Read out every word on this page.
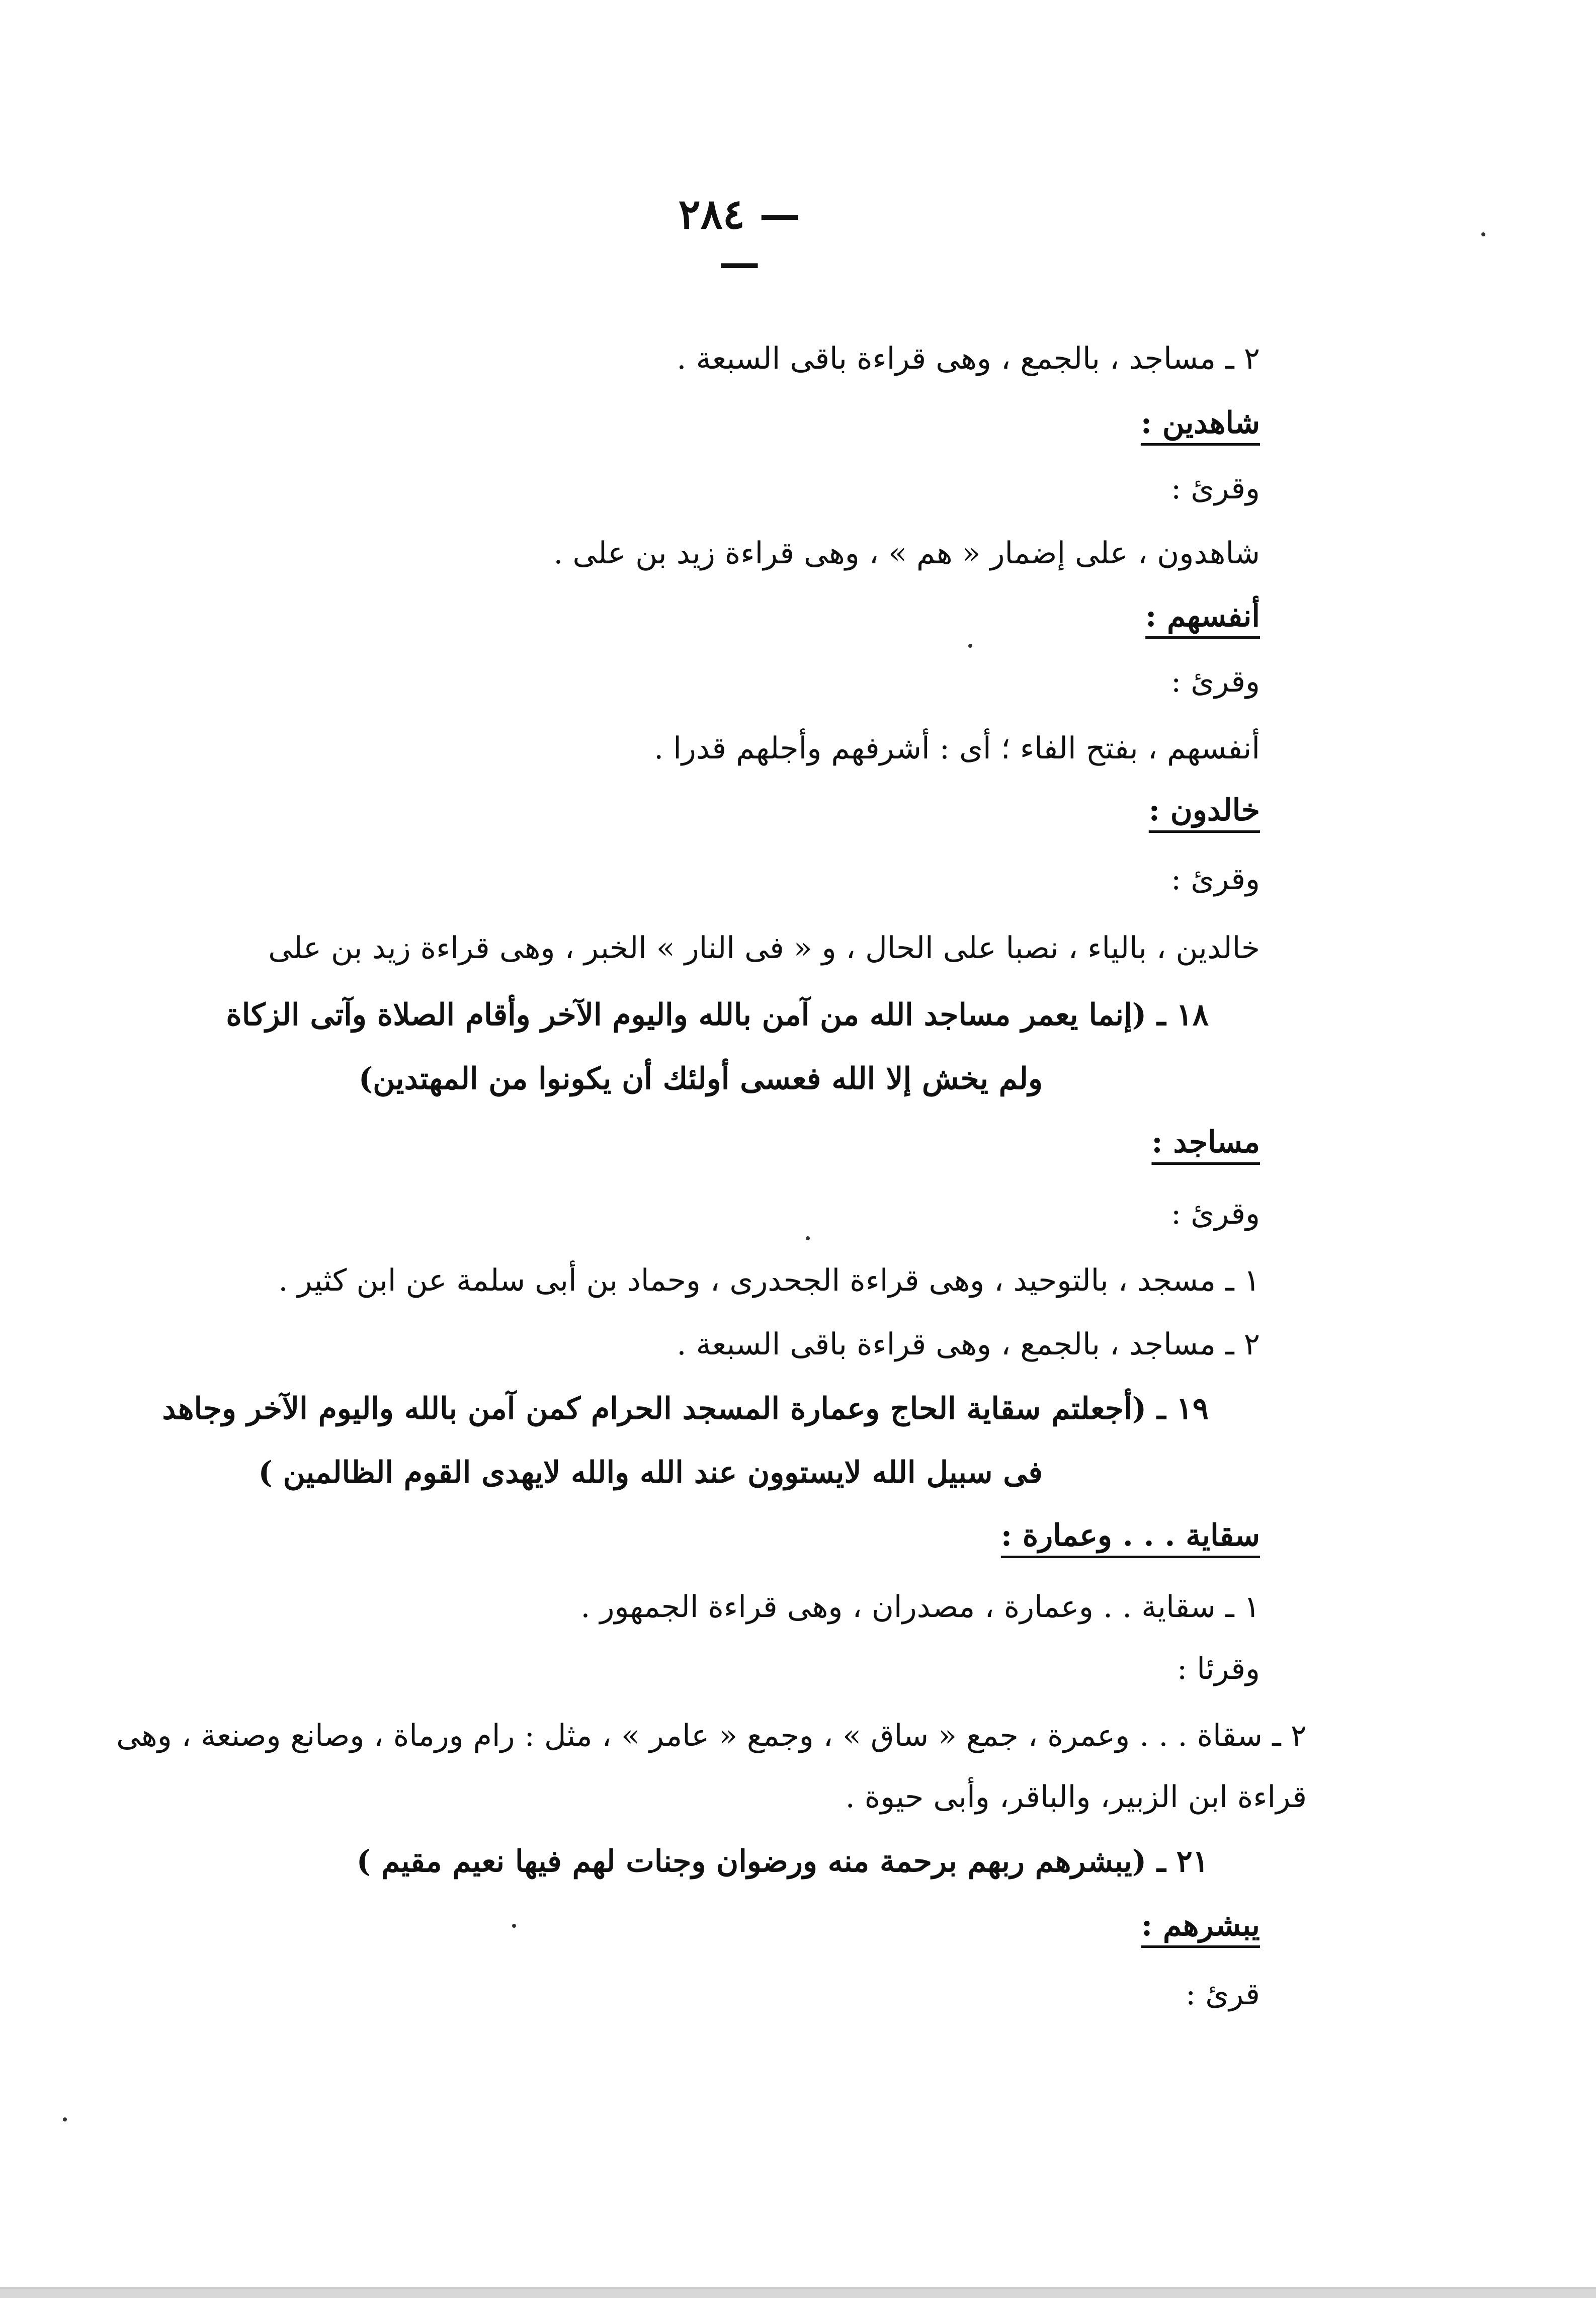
— ٢٨٤ —
٢ ـ مساجد ، بالجمع ، وهى قراءة باقى السبعة .
شاهدين :
وقرئ :
شاهدون ، على إضمار « هم » ، وهى قراءة زيد بن على .
أنفسهم :
وقرئ :
أنفسهم ، بفتح الفاء ؛ أى : أشرفهم وأجلهم قدرا .
خالدون :
وقرئ :
خالدين ، بالياء ، نصبا على الحال ، و « فى النار » الخبر ، وهى قراءة زيد بن على
١٨ ـ (إنما يعمر مساجد الله من آمن بالله واليوم الآخر وأقام الصلاة وآتى الزكاة
ولم يخش إلا الله فعسى أولئك أن يكونوا من المهتدين)
مساجد :
وقرئ :
١ ـ مسجد ، بالتوحيد ، وهى قراءة الجحدرى ، وحماد بن أبى سلمة عن ابن كثير .
٢ ـ مساجد ، بالجمع ، وهى قراءة باقى السبعة .
١٩ ـ (أجعلتم سقاية الحاج وعمارة المسجد الحرام كمن آمن بالله واليوم الآخر وجاهد
فى سبيل الله لايستوون عند الله والله لايهدى القوم الظالمين )
سقاية . . . وعمارة :
١ ـ سقاية . . وعمارة ، مصدران ، وهى قراءة الجمهور .
وقرئا :
٢ ـ سقاة . . . وعمرة ، جمع « ساق » ، وجمع « عامر » ، مثل : رام ورماة ، وصانع وصنعة ، وهى
قراءة ابن الزبير، والباقر، وأبى حيوة .
٢١ ـ (يبشرهم ربهم برحمة منه ورضوان وجنات لهم فيها نعيم مقيم )
يبشرهم :
قرئ :
